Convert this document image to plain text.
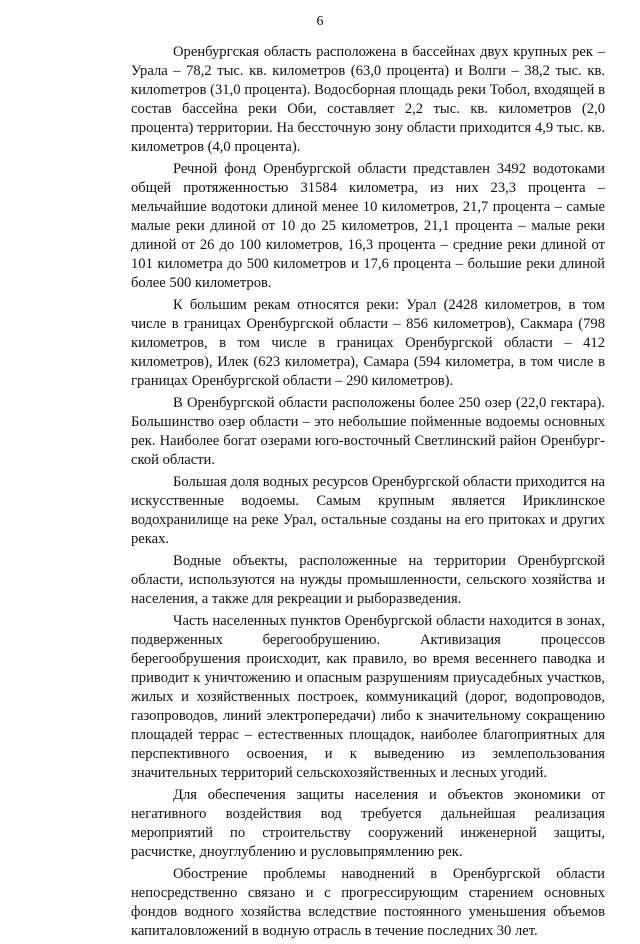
6

Оренбургская область расположена в бассейнах двух крупных рек – Урала – 78,2 тыс. кв. километров (63,0 процента) и Волги – 38,2 тыс. кв. килоmетров (31,0 процента). Водосборная площадь реки Тобол, входящей в состав бассейна реки Оби, составляет 2,2 тыс. кв. километров (2,0 процента) территории. На бессточную зону области приходится 4,9 тыс. кв. километров (4,0 процента).

Речной фонд Оренбургской области представлен 3492 водотоками общей протяженностью 31584 километра, из них 23,3 процента – мельчайшие водотоки длиной менее 10 километров, 21,7 процента – самые малые реки длиной от 10 до 25 километров, 21,1 процента – малые реки длиной от 26 до 100 километров, 16,3 процента – средние реки длиной от 101 километра до 500 километров и 17,6 процента – большие реки длиной более 500 километров.

К большим рекам относятся реки: Урал (2428 километров, в том числе в границах Оренбургской области – 856 километров), Сакмара (798 километров, в том числе в границах Оренбургской области – 412 километров), Илек (623 километра), Самара (594 километра, в том числе в границах Оренбургской области – 290 километров).

В Оренбургской области расположены более 250 озер (22,0 гектара). Большинство озер области – это небольшие пойменные водоемы основных рек. Наиболее богат озерами юго-восточный Светлинский район Оренбургской области.

Большая доля водных ресурсов Оренбургской области приходится на искусственные водоемы. Самым крупным является Ириклинское водохранилище на реке Урал, остальные созданы на его притоках и других реках.

Водные объекты, расположенные на территории Оренбургской области, используются на нужды промышленности, сельского хозяйства и населения, а также для рекреации и рыборазведения.

Часть населенных пунктов Оренбургской области находится в зонах, подверженных берегообрушению. Активизация процессов берегообрушения происходит, как правило, во время весеннего паводка и приводит к уничтожению и опасным разрушениям приусадебных участков, жилых и хозяйственных построек, коммуникаций (дорог, водопроводов, газопроводов, линий электропередачи) либо к значительному сокращению площадей террас – естественных площадок, наиболее благоприятных для перспективного освоения, и к выведению из землепользования значительных территорий сельскохозяйственных и лесных угодий.

Для обеспечения защиты населения и объектов экономики от негативного воздействия вод требуется дальнейшая реализация мероприятий по строительству сооружений инженерной защиты, расчистке, дноуглублению и русловыпрямлению рек.

Обострение проблемы наводнений в Оренбургской области непосредственно связано и с прогрессирующим старением основных фондов водного хозяйства вследствие постоянного уменьшения объемов капиталовложений в водную отрасль в течение последних 30 лет.
